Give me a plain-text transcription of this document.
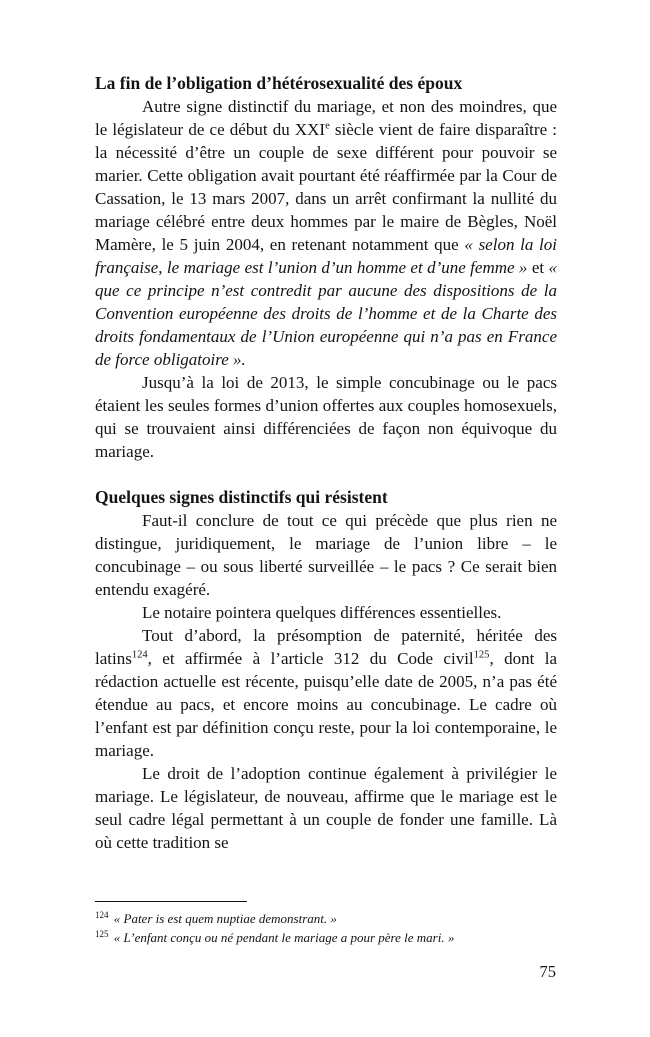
La fin de l’obligation d’hétérosexualité des époux

Autre signe distinctif du mariage, et non des moindres, que le législateur de ce début du XXIe siècle vient de faire disparaître : la nécessité d’être un couple de sexe différent pour pouvoir se marier. Cette obligation avait pourtant été réaffirmée par la Cour de Cassation, le 13 mars 2007, dans un arrêt confirmant la nullité du mariage célébré entre deux hommes par le maire de Bègles, Noël Mamère, le 5 juin 2004, en retenant notamment que « selon la loi française, le mariage est l’union d’un homme et d’une femme » et « que ce principe n’est contredit par aucune des dispositions de la Convention européenne des droits de l’homme et de la Charte des droits fondamentaux de l’Union européenne qui n’a pas en France de force obligatoire ».

Jusqu’à la loi de 2013, le simple concubinage ou le pacs étaient les seules formes d’union offertes aux couples homosexuels, qui se trouvaient ainsi différenciées de façon non équivoque du mariage.

Quelques signes distinctifs qui résistent

Faut-il conclure de tout ce qui précède que plus rien ne distingue, juridiquement, le mariage de l’union libre – le concubinage – ou sous liberté surveillée – le pacs ? Ce serait bien entendu exagéré.

Le notaire pointera quelques différences essentielles.

Tout d’abord, la présomption de paternité, héritée des latins$^{124}$, et affirmée à l’article 312 du Code civil$^{125}$, dont la rédaction actuelle est récente, puisqu’elle date de 2005, n’a pas été étendue au pacs, et encore moins au concubinage. Le cadre où l’enfant est par définition conçu reste, pour la loi contemporaine, le mariage.

Le droit de l’adoption continue également à privilégier le mariage. Le législateur, de nouveau, affirme que le mariage est le seul cadre légal permettant à un couple de fonder une famille. Là où cette tradition se

$^{124}$ « Pater is est quem nuptiae demonstrant. »

$^{125}$ « L’enfant conçu ou né pendant le mariage a pour père le mari. »

75
